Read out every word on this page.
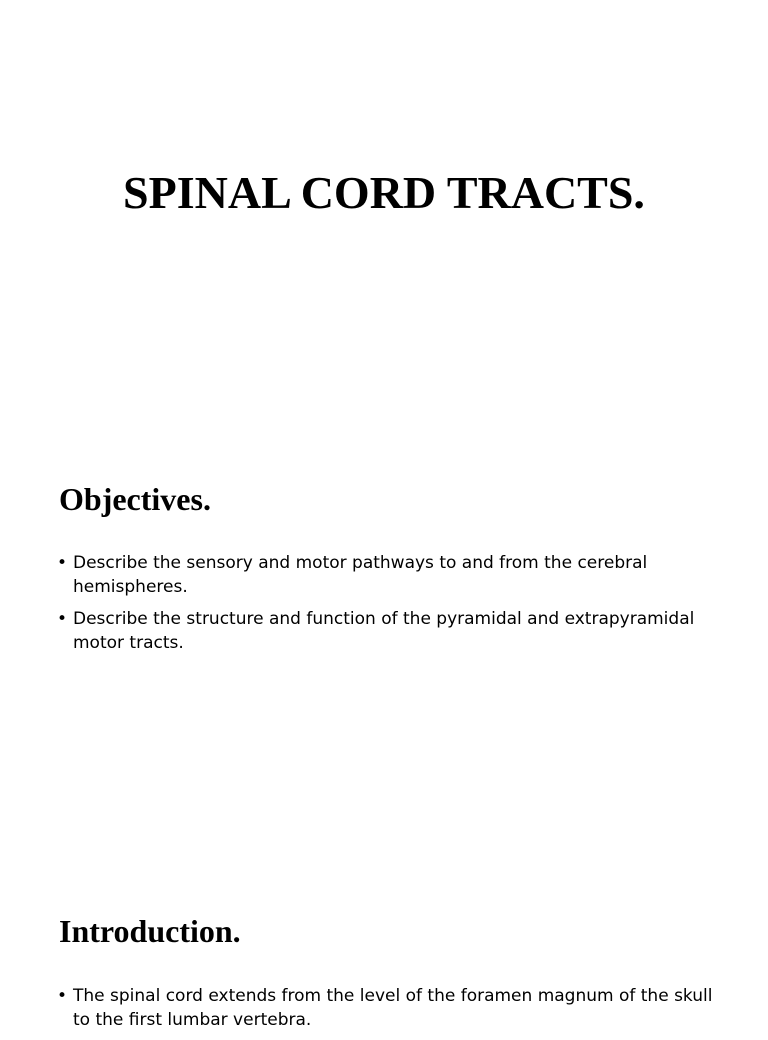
SPINAL CORD TRACTS.
Objectives.
• Describe the sensory and motor pathways to and from the cerebral hemispheres.
• Describe the structure and function of the pyramidal and extrapyramidal motor tracts.
Introduction.
• The spinal cord extends from the level of the foramen magnum of the skull to the first lumbar vertebra.
